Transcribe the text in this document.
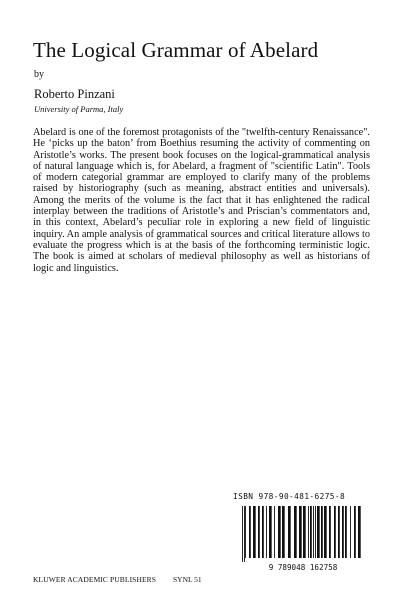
The Logical Grammar of Abelard
by
Roberto Pinzani
University of Parma, Italy

Abelard is one of the foremost protagonists of the "twelfth-century Renaissance". He ‘picks up the baton’ from Boethius resuming the activity of commenting on Aristotle’s works. The present book focuses on the logical-grammatical analysis of natural language which is, for Abelard, a fragment of "scientific Latin". Tools of modern categorial grammar are employed to clarify many of the problems raised by historiography (such as meaning, abstract entities and universals). Among the merits of the volume is the fact that it has enlightened the radical interplay between the traditions of Aristotle’s and Priscian’s commentators and, in this context, Abelard’s peculiar role in exploring a new field of linguistic inquiry. An ample analysis of grammatical sources and critical literature allows to evaluate the progress which is at the basis of the forthcoming terministic logic. The book is aimed at scholars of medieval philosophy as well as historians of logic and linguistics.

ISBN 978-90-481-6275-8
9 789048 162758
KLUWER ACADEMIC PUBLISHERS SYNL 51
